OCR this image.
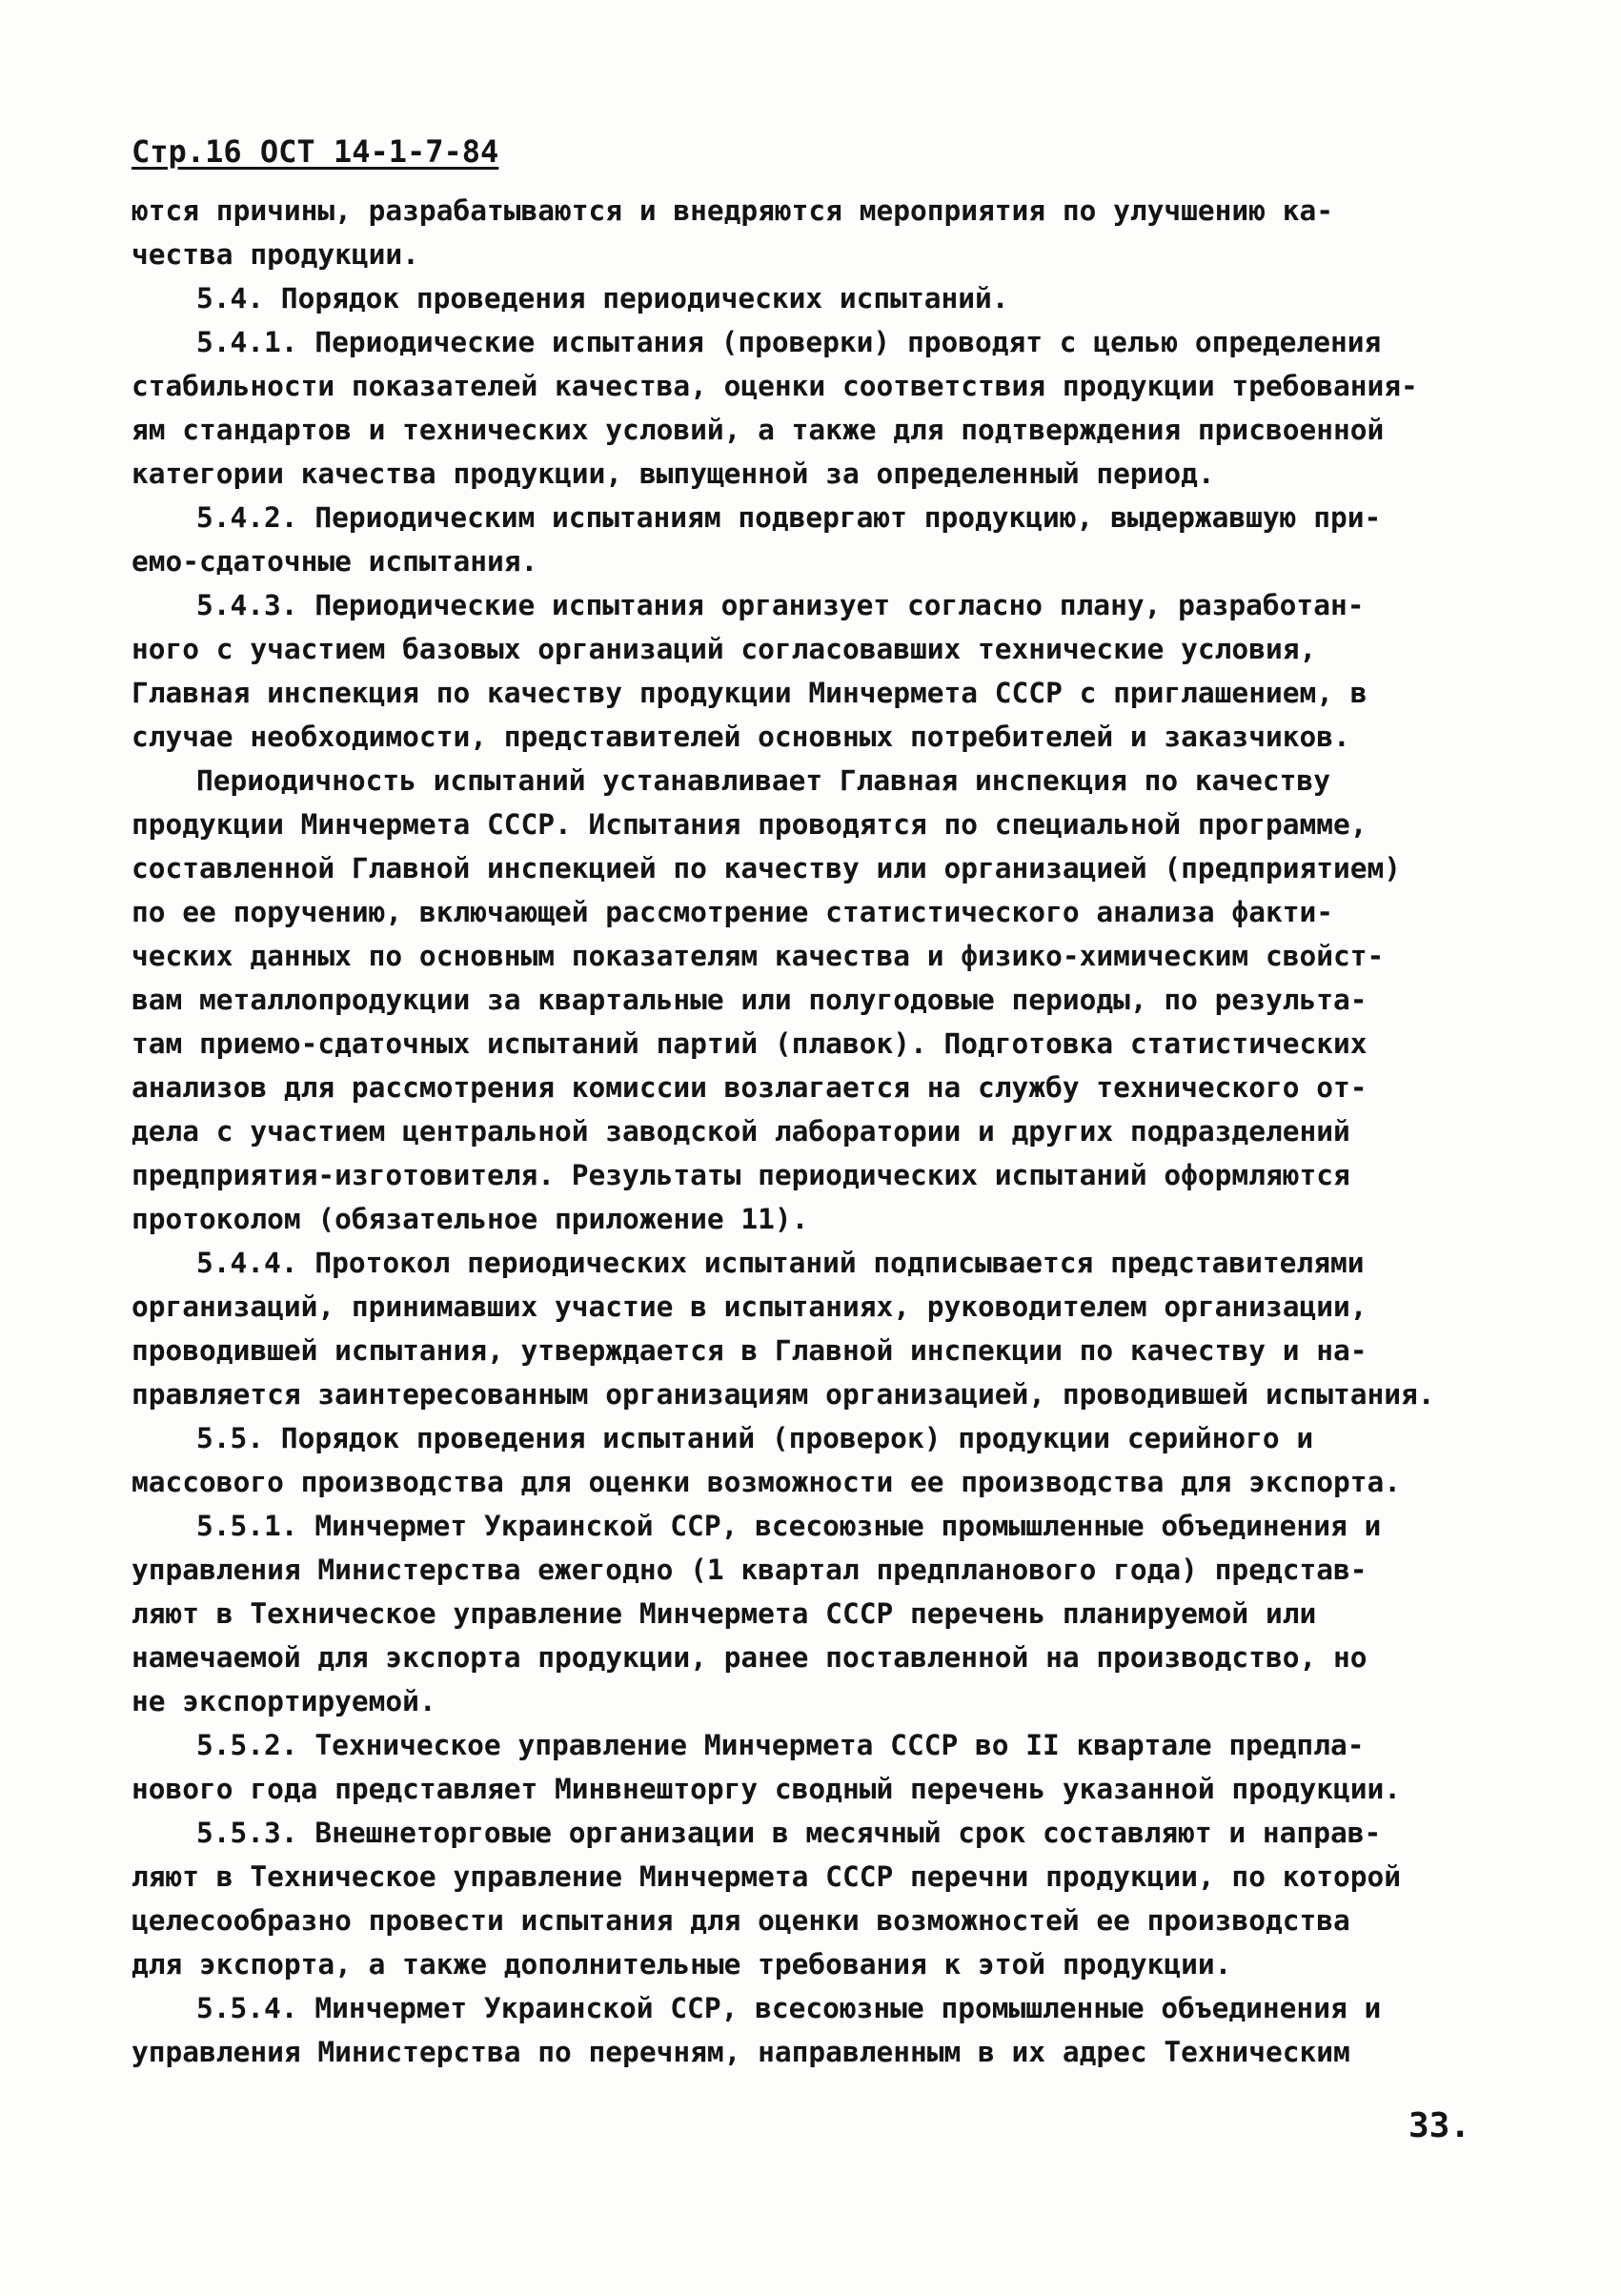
Стр.16 ОСТ 14-1-7-84
ются причины, разрабатываются и внедряются мероприятия по улучшению ка-
чества продукции.
5.4. Порядок проведения периодических испытаний.
5.4.1. Периодические испытания (проверки) проводят с целью определения
стабильности показателей качества, оценки соответствия продукции требования-
ям стандартов и технических условий, а также для подтверждения присвоенной
категории качества продукции, выпущенной за определенный период.
5.4.2. Периодическим испытаниям подвергают продукцию, выдержавшую при-
емо-сдаточные испытания.
5.4.3. Периодические испытания организует согласно плану, разработан-
ного с участием базовых организаций согласовавших технические условия,
Главная инспекция по качеству продукции Минчермета СССР с приглашением, в
случае необходимости, представителей основных потребителей и заказчиков.
Периодичность испытаний устанавливает Главная инспекция по качеству
продукции Минчермета СССР. Испытания проводятся по специальной программе,
составленной Главной инспекцией по качеству или организацией (предприятием)
по ее поручению, включающей рассмотрение статистического анализа факти-
ческих данных по основным показателям качества и физико-химическим свойст-
вам металлопродукции за квартальные или полугодовые периоды, по результа-
там приемо-сдаточных испытаний партий (плавок). Подготовка статистических
анализов для рассмотрения комиссии возлагается на службу технического от-
дела с участием центральной заводской лаборатории и других подразделений
предприятия-изготовителя. Результаты периодических испытаний оформляются
протоколом (обязательное приложение 11).
5.4.4. Протокол периодических испытаний подписывается представителями
организаций, принимавших участие в испытаниях, руководителем организации,
проводившей испытания, утверждается в Главной инспекции по качеству и на-
правляется заинтересованным организациям организацией, проводившей испытания.
5.5. Порядок проведения испытаний (проверок) продукции серийного и
массового производства для оценки возможности ее производства для экспорта.
5.5.1. Минчермет Украинской ССР, всесоюзные промышленные объединения и
управления Министерства ежегодно (1 квартал предпланового года) представ-
ляют в Техническое управление Минчермета СССР перечень планируемой или
намечаемой для экспорта продукции, ранее поставленной на производство, но
не экспортируемой.
5.5.2. Техническое управление Минчермета СССР во II квартале предпла-
нового года представляет Минвнешторгу сводный перечень указанной продукции.
5.5.3. Внешнеторговые организации в месячный срок составляют и направ-
ляют в Техническое управление Минчермета СССР перечни продукции, по которой
целесообразно провести испытания для оценки возможностей ее производства
для экспорта, а также дополнительные требования к этой продукции.
5.5.4. Минчермет Украинской ССР, всесоюзные промышленные объединения и
управления Министерства по перечням, направленным в их адрес Техническим
33.
